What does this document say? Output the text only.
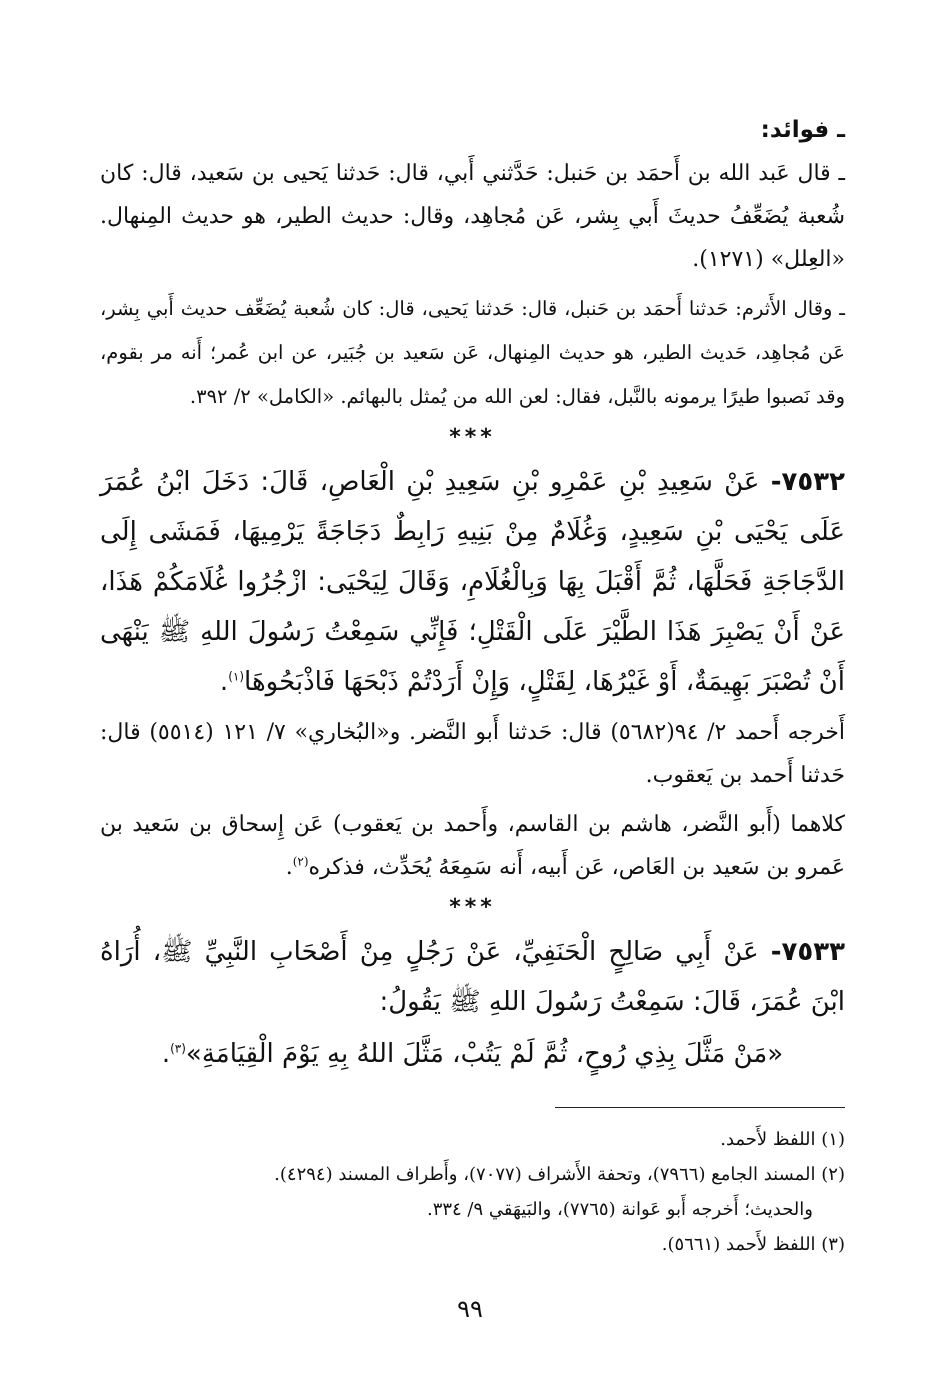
ـ فوائد:

ـ قال عَبد الله بن أَحمَد بن حَنبل: حَدَّثني أَبي، قال: حَدثنا يَحيى بن سَعيد، قال: كان شُعبة يُضَعِّفُ حديثَ أَبي بِشر، عَن مُجاهِد، وقال: حديث الطير، هو حديث المِنهال. «العِلل» (١٢٧١).

ـ وقال الأَثرم: حَدثنا أَحمَد بن حَنبل، قال: حَدثنا يَحيى، قال: كان شُعبة يُضَعِّف حديث أَبي بِشر، عَن مُجاهِد، حَديث الطير، هو حديث المِنهال، عَن سَعيد بن جُبَير، عن ابن عُمر؛ أَنه مر بقوم، وقد نَصبوا طيرًا يرمونه بالنَّبل، فقال: لعن الله من يُمثل بالبهائم. «الكامل» ٢/ ٣٩٢.

***

٧٥٣٢- عَنْ سَعِيدِ بْنِ عَمْرِو بْنِ سَعِيدِ بْنِ الْعَاصِ، قَالَ: دَخَلَ ابْنُ عُمَرَ عَلَى يَحْيَى بْنِ سَعِيدٍ، وَغُلَامٌ مِنْ بَنِيهِ رَابِطٌ دَجَاجَةً يَرْمِيهَا، فَمَشَى إِلَى الدَّجَاجَةِ فَحَلَّهَا، ثُمَّ أَقْبَلَ بِهَا وَبِالْغُلَامِ، وَقَالَ لِيَحْيَى: ازْجُرُوا غُلَامَكُمْ هَذَا، عَنْ أَنْ يَصْبِرَ هَذَا الطَّيْرَ عَلَى الْقَتْلِ؛ فَإِنِّي سَمِعْتُ رَسُولَ اللهِ ﷺ يَنْهَى أَنْ تُصْبَرَ بَهِيمَةٌ، أَوْ غَيْرُهَا، لِقَتْلٍ، وَإِنْ أَرَدْتُمْ ذَبْحَهَا فَاذْبَحُوهَا$^{(١)}$.

أَخرجه أَحمد ٢/ ٩٤(٥٦٨٢) قال: حَدثنا أَبو النَّضر. و«البُخاري» ٧/ ١٢١ (٥٥١٤) قال: حَدثنا أَحمد بن يَعقوب.

كلاهما (أَبو النَّضر، هاشم بن القاسم، وأَحمد بن يَعقوب) عَن إِسحاق بن سَعيد بن عَمرو بن سَعيد بن العَاص، عَن أَبيه، أَنه سَمِعَهُ يُحَدِّث، فذكره$^{(٢)}$.

***

٧٥٣٣- عَنْ أَبِي صَالِحٍ الْحَنَفِيِّ، عَنْ رَجُلٍ مِنْ أَصْحَابِ النَّبِيِّ ﷺ، أُرَاهُ ابْنَ عُمَرَ، قَالَ: سَمِعْتُ رَسُولَ اللهِ ﷺ يَقُولُ:

«مَنْ مَثَّلَ بِذِي رُوحٍ، ثُمَّ لَمْ يَتُبْ، مَثَّلَ اللهُ بِهِ يَوْمَ الْقِيَامَةِ»$^{(٣)}$.

(١) اللفظ لأَحمد.

(٢) المسند الجامع (٧٩٦٦)، وتحفة الأَشراف (٧٠٧٧)، وأَطراف المسند (٤٢٩٤).

والحديث؛ أَخرجه أَبو عَوانة (٧٧٦٥)، والبَيهَقي ٩/ ٣٣٤.

(٣) اللفظ لأَحمد (٥٦٦١).

٩٩
